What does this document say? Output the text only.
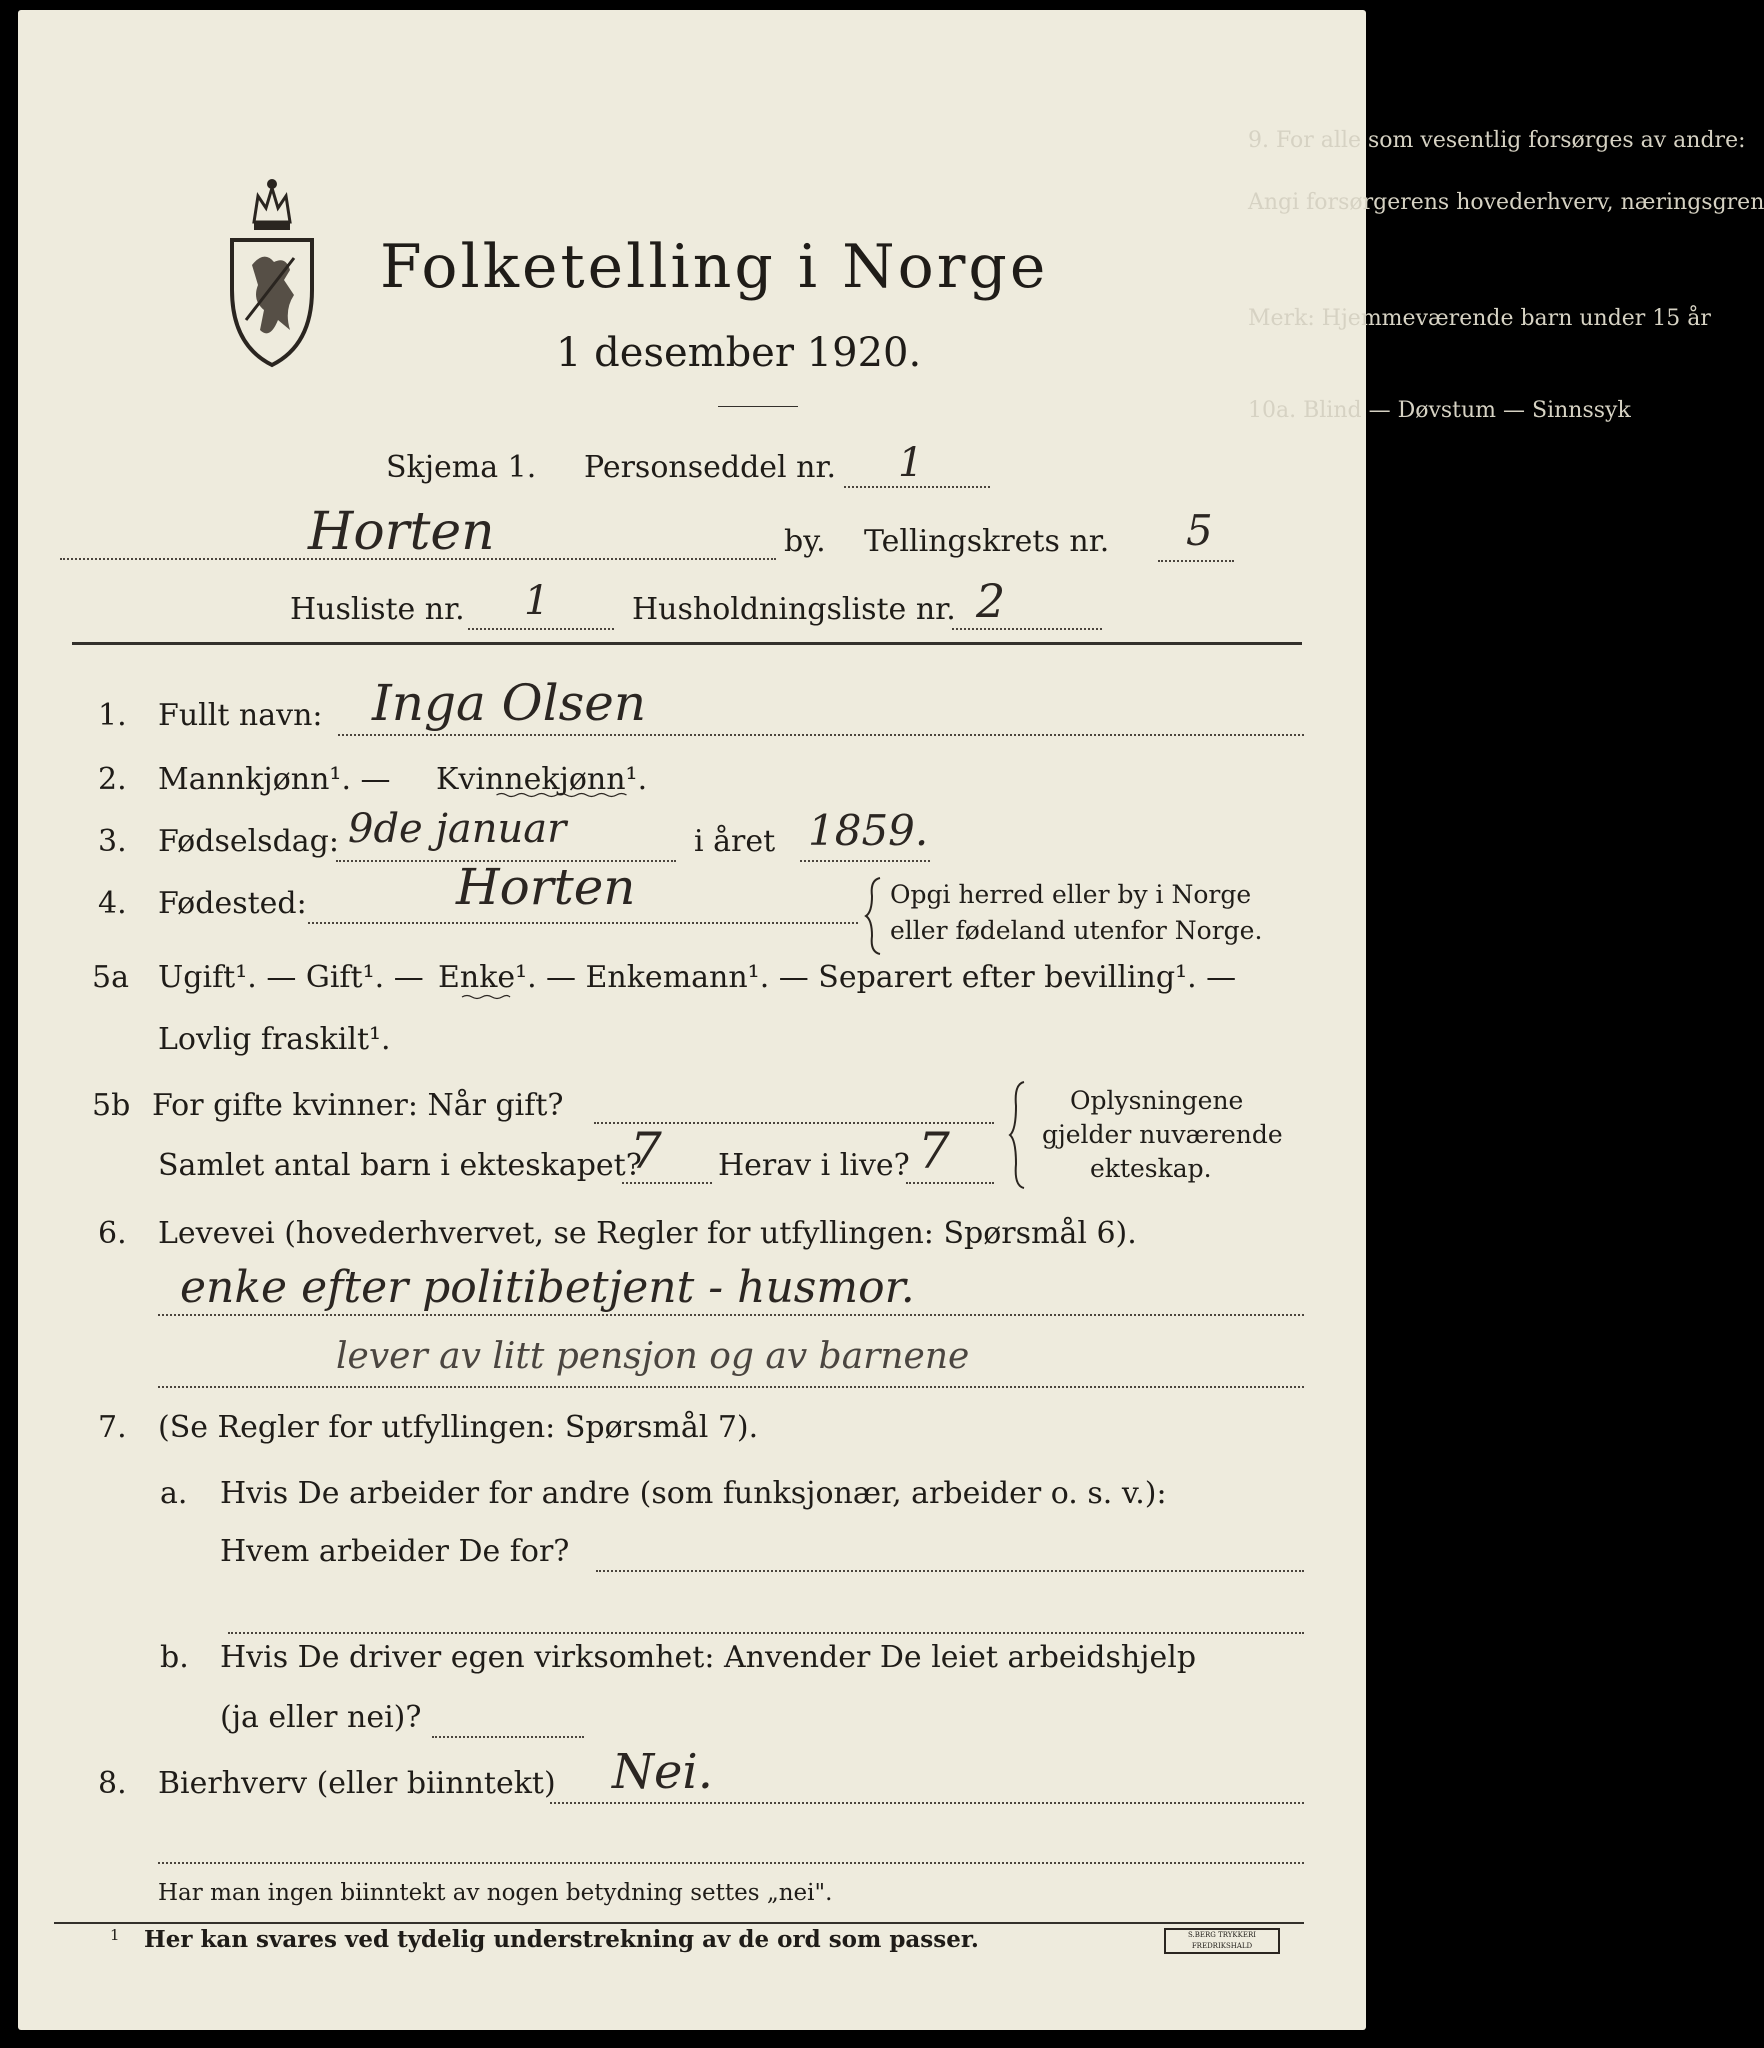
9. For alle som vesentlig forsørges av andre:
Angi forsørgerens hovederhverv, næringsgren
Merk: Hjemmeværende barn under 15 år
10a. Blind — Døvstum — Sinnssyk
Folketelling i Norge
1 desember 1920.
Skjema 1. Personseddel nr. 1
Horten	by. Tellingskrets nr. 5
Husliste nr. 1	Husholdningsliste nr. 2
1. Fullt navn: Inga Olsen
2. Mannkjønn¹. — Kvinnekjønn¹.
3. Fødselsdag: 9de januar	i året 1859.
4. Fødested:	Horten	Opgi herred eller by i Norge
eller fødeland utenfor Norge.
5a Ugift¹. — Gift¹. — Enke¹. — Enkemann¹. — Separert efter bevilling¹. —
Lovlig fraskilt¹.
5b For gifte kvinner: Når gift?
Samlet antal barn i ekteskapet?
7 Herav i live? 7
Oplysningene
gjelder nuværende
ekteskap.
6. Levevei (hovederhvervet, se Regler for utfyllingen: Spørsmål 6).
enke efter politibetjent - husmor.
lever av litt pensjon og av barnene
7. (Se Regler for utfyllingen: Spørsmål 7).
a. Hvis De arbeider for andre (som funksjonær, arbeider o. s. v.):
Hvem arbeider De for?
b. Hvis De driver egen virksomhet: Anvender De leiet arbeidshjelp
(ja eller nei)?
8. Bierhverv (eller biinntekt) Nei.
Har man ingen biinntekt av nogen betydning settes „nei".
1 Her kan svares ved tydelig understrekning av de ord som passer.	S.BERG TRYKKERI FREDRIKSHALD
